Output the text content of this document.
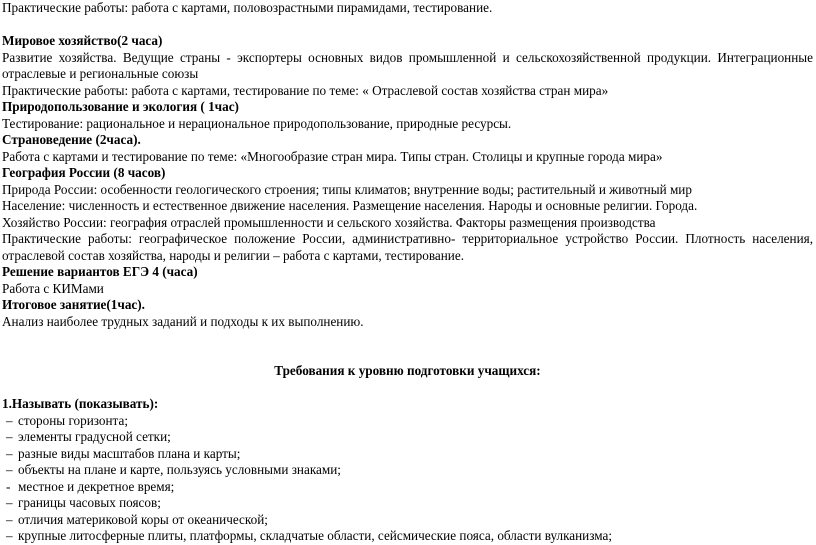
Практические работы: работа с картами, половозрастными пирамидами, тестирование.

Мировое хозяйство(2 часа)

Развитие хозяйства. Ведущие страны - экспортеры основных видов промышленной и сельскохозяйственной продукции. Интеграционные отраслевые и региональные союзы

Практические работы: работа с картами, тестирование по теме: « Отраслевой состав хозяйства стран мира»

Природопользование и экология ( 1час)

Тестирование: рациональное и нерациональное природопользование, природные ресурсы.

Страноведение (2часа).

Работа с картами и тестирование по теме: «Многообразие стран мира. Типы стран. Столицы и крупные города мира»

География России (8 часов)

Природа России: особенности геологического строения; типы климатов; внутренние воды; растительный и животный мир

Население: численность и естественное движение населения. Размещение населения. Народы и основные религии. Города.

Хозяйство России: география отраслей промышленности и сельского хозяйства. Факторы размещения производства

Практические работы: географическое положение России, административно- территориальное устройство России. Плотность населения, отраслевой состав хозяйства, народы и религии – работа с картами, тестирование.

Решение вариантов ЕГЭ 4 (часа)

Работа с КИМами

Итоговое занятие(1час).

Анализ наиболее трудных заданий и подходы к их выполнению.

Требования к уровню подготовки учащихся:

1.Называть (показывать):

– стороны горизонта;

– элементы градусной сетки;

– разные виды масштабов плана и карты;

– объекты на плане и карте, пользуясь условными знаками;

- местное и декретное время;

– границы часовых поясов;

– отличия материковой коры от океанической;

– крупные литосферные плиты, платформы, складчатые области, сейсмические пояса, области вулканизма;
